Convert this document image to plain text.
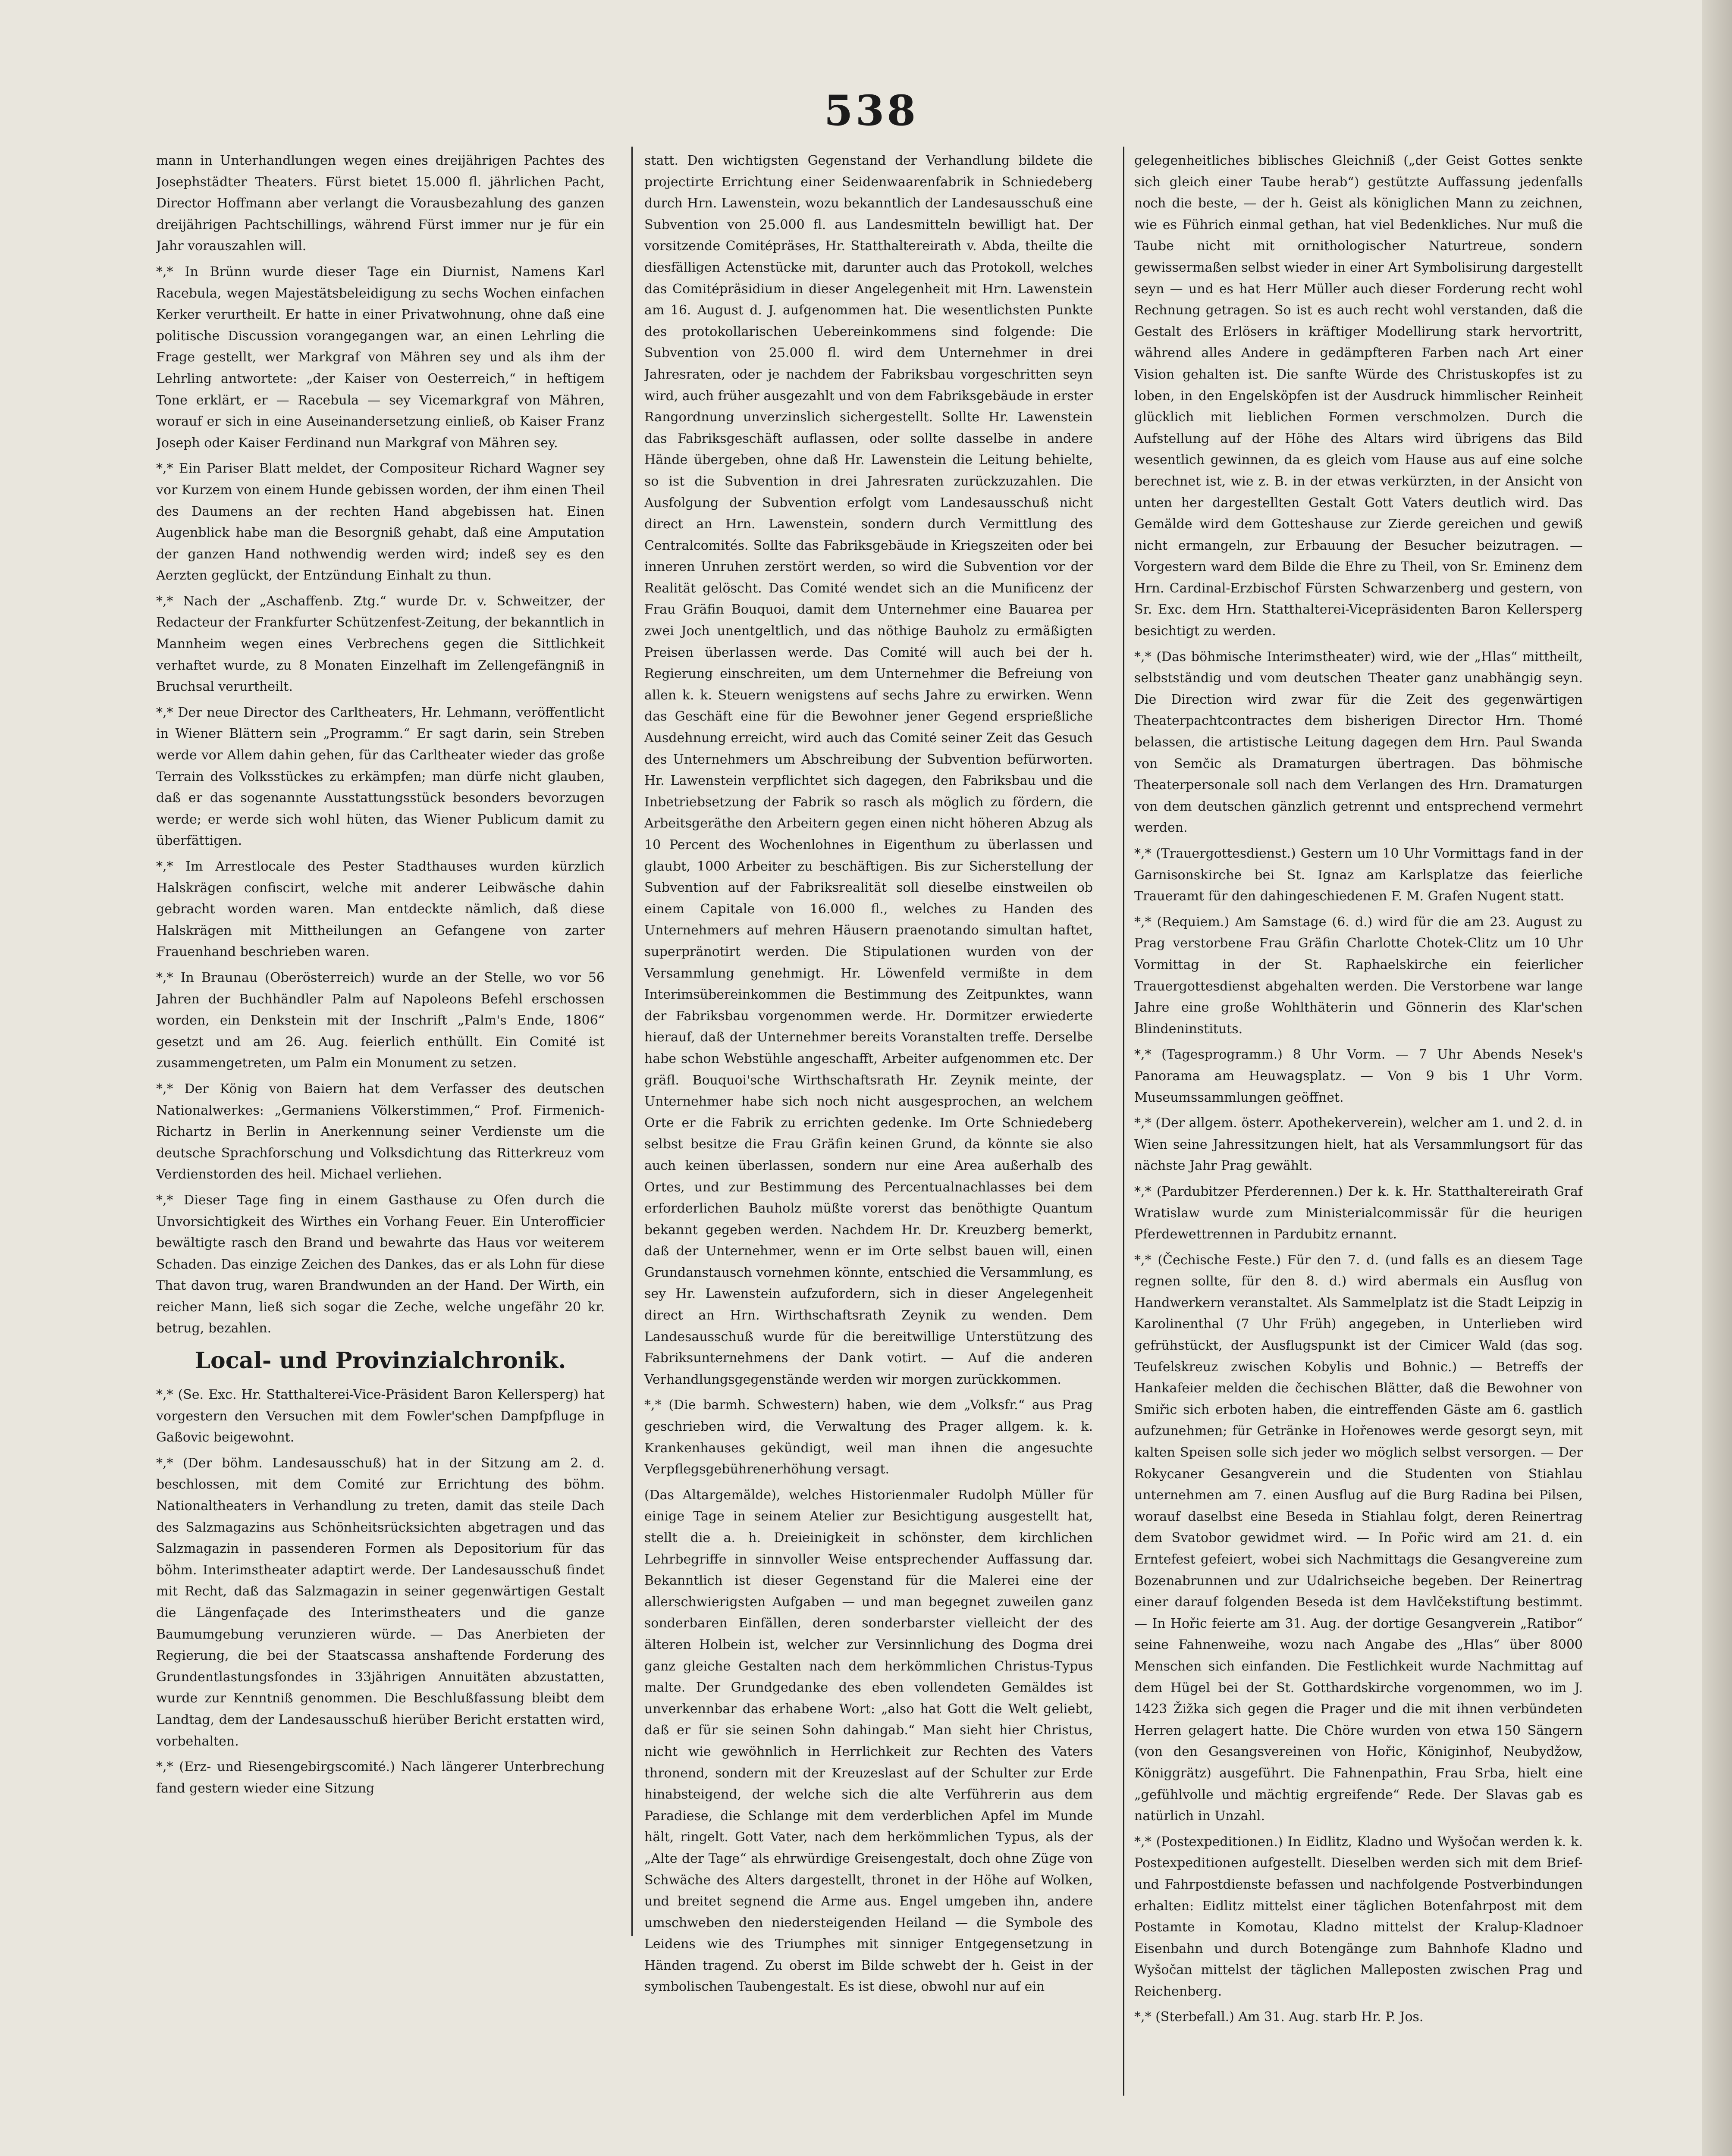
538

mann in Unterhandlungen wegen eines dreijährigen Pachtes des Josephstädter Theaters. Fürst bietet 15.000 fl. jährlichen Pacht, Director Hoffmann aber verlangt die Vorausbezahlung des ganzen dreijährigen Pachtschillings, während Fürst immer nur je für ein Jahr vorauszahlen will.

*,* In Brünn wurde dieser Tage ein Diurnist, Namens Karl Racebula, wegen Majestätsbeleidigung zu sechs Wochen einfachen Kerker verurtheilt. Er hatte in einer Privatwohnung, ohne daß eine politische Discussion vorangegangen war, an einen Lehrling die Frage gestellt, wer Markgraf von Mähren sey und als ihm der Lehrling antwortete: „der Kaiser von Oesterreich,“ in heftigem Tone erklärt, er — Racebula — sey Vicemarkgraf von Mähren, worauf er sich in eine Auseinandersetzung einließ, ob Kaiser Franz Joseph oder Kaiser Ferdinand nun Markgraf von Mähren sey.

*,* Ein Pariser Blatt meldet, der Compositeur Richard Wagner sey vor Kurzem von einem Hunde gebissen worden, der ihm einen Theil des Daumens an der rechten Hand abgebissen hat. Einen Augenblick habe man die Besorgniß gehabt, daß eine Amputation der ganzen Hand nothwendig werden wird; indeß sey es den Aerzten geglückt, der Entzündung Einhalt zu thun.

*,* Nach der „Aschaffenb. Ztg.“ wurde Dr. v. Schweitzer, der Redacteur der Frankfurter Schützenfest-Zeitung, der bekanntlich in Mannheim wegen eines Verbrechens gegen die Sittlichkeit verhaftet wurde, zu 8 Monaten Einzelhaft im Zellengefängniß in Bruchsal verurtheilt.

*,* Der neue Director des Carltheaters, Hr. Lehmann, veröffentlicht in Wiener Blättern sein „Programm.“ Er sagt darin, sein Streben werde vor Allem dahin gehen, für das Carltheater wieder das große Terrain des Volksstückes zu erkämpfen; man dürfe nicht glauben, daß er das sogenannte Ausstattungsstück besonders bevorzugen werde; er werde sich wohl hüten, das Wiener Publicum damit zu überfättigen.

*,* Im Arrestlocale des Pester Stadthauses wurden kürzlich Halskrägen confiscirt, welche mit anderer Leibwäsche dahin gebracht worden waren. Man entdeckte nämlich, daß diese Halskrägen mit Mittheilungen an Gefangene von zarter Frauenhand beschrieben waren.

*,* In Braunau (Oberösterreich) wurde an der Stelle, wo vor 56 Jahren der Buchhändler Palm auf Napoleons Befehl erschossen worden, ein Denkstein mit der Inschrift „Palm's Ende, 1806“ gesetzt und am 26. Aug. feierlich enthüllt. Ein Comité ist zusammengetreten, um Palm ein Monument zu setzen.

*,* Der König von Baiern hat dem Verfasser des deutschen Nationalwerkes: „Germaniens Völkerstimmen,“ Prof. Firmenich-Richartz in Berlin in Anerkennung seiner Verdienste um die deutsche Sprachforschung und Volksdichtung das Ritterkreuz vom Verdienstorden des heil. Michael verliehen.

*,* Dieser Tage fing in einem Gasthause zu Ofen durch die Unvorsichtigkeit des Wirthes ein Vorhang Feuer. Ein Unterofficier bewältigte rasch den Brand und bewahrte das Haus vor weiterem Schaden. Das einzige Zeichen des Dankes, das er als Lohn für diese That davon trug, waren Brandwunden an der Hand. Der Wirth, ein reicher Mann, ließ sich sogar die Zeche, welche ungefähr 20 kr. betrug, bezahlen.

Local- und Provinzialchronik.

*,* (Se. Exc. Hr. Statthalterei-Vice-Präsident Baron Kellersperg) hat vorgestern den Versuchen mit dem Fowler'schen Dampfpfluge in Gaßovic beigewohnt.

*,* (Der böhm. Landesausschuß) hat in der Sitzung am 2. d. beschlossen, mit dem Comité zur Errichtung des böhm. Nationaltheaters in Verhandlung zu treten, damit das steile Dach des Salzmagazins aus Schönheitsrücksichten abgetragen und das Salzmagazin in passenderen Formen als Depositorium für das böhm. Interimstheater adaptirt werde. Der Landesausschuß findet mit Recht, daß das Salzmagazin in seiner gegenwärtigen Gestalt die Längenfaçade des Interimstheaters und die ganze Baumumgebung verunzieren würde. — Das Anerbieten der Regierung, die bei der Staatscassa anshaftende Forderung des Grundentlastungsfondes in 33jährigen Annuitäten abzustatten, wurde zur Kenntniß genommen. Die Beschlußfassung bleibt dem Landtag, dem der Landesausschuß hierüber Bericht erstatten wird, vorbehalten.

*,* (Erz- und Riesengebirgscomité.) Nach längerer Unterbrechung fand gestern wieder eine Sitzung

statt. Den wichtigsten Gegenstand der Verhandlung bildete die projectirte Errichtung einer Seidenwaarenfabrik in Schniedeberg durch Hrn. Lawenstein, wozu bekanntlich der Landesausschuß eine Subvention von 25.000 fl. aus Landesmitteln bewilligt hat. Der vorsitzende Comitépräses, Hr. Statthaltereirath v. Abda, theilte die diesfälligen Actenstücke mit, darunter auch das Protokoll, welches das Comitépräsidium in dieser Angelegenheit mit Hrn. Lawenstein am 16. August d. J. aufgenommen hat. Die wesentlichsten Punkte des protokollarischen Uebereinkommens sind folgende: Die Subvention von 25.000 fl. wird dem Unternehmer in drei Jahresraten, oder je nachdem der Fabriksbau vorgeschritten seyn wird, auch früher ausgezahlt und von dem Fabriksgebäude in erster Rangordnung unverzinslich sichergestellt. Sollte Hr. Lawenstein das Fabriksgeschäft auflassen, oder sollte dasselbe in andere Hände übergeben, ohne daß Hr. Lawenstein die Leitung behielte, so ist die Subvention in drei Jahresraten zurückzuzahlen. Die Ausfolgung der Subvention erfolgt vom Landesausschuß nicht direct an Hrn. Lawenstein, sondern durch Vermittlung des Centralcomités. Sollte das Fabriksgebäude in Kriegszeiten oder bei inneren Unruhen zerstört werden, so wird die Subvention vor der Realität gelöscht. Das Comité wendet sich an die Munificenz der Frau Gräfin Bouquoi, damit dem Unternehmer eine Bauarea per zwei Joch unentgeltlich, und das nöthige Bauholz zu ermäßigten Preisen überlassen werde. Das Comité will auch bei der h. Regierung einschreiten, um dem Unternehmer die Befreiung von allen k. k. Steuern wenigstens auf sechs Jahre zu erwirken. Wenn das Geschäft eine für die Bewohner jener Gegend ersprießliche Ausdehnung erreicht, wird auch das Comité seiner Zeit das Gesuch des Unternehmers um Abschreibung der Subvention befürworten. Hr. Lawenstein verpflichtet sich dagegen, den Fabriksbau und die Inbetriebsetzung der Fabrik so rasch als möglich zu fördern, die Arbeitsgeräthe den Arbeitern gegen einen nicht höheren Abzug als 10 Percent des Wochenlohnes in Eigenthum zu überlassen und glaubt, 1000 Arbeiter zu beschäftigen. Bis zur Sicherstellung der Subvention auf der Fabriksrealität soll dieselbe einstweilen ob einem Capitale von 16.000 fl., welches zu Handen des Unternehmers auf mehren Häusern praenotando simultan haftet, superpränotirt werden. Die Stipulationen wurden von der Versammlung genehmigt. Hr. Löwenfeld vermißte in dem Interimsübereinkommen die Bestimmung des Zeitpunktes, wann der Fabriksbau vorgenommen werde. Hr. Dormitzer erwiederte hierauf, daß der Unternehmer bereits Voranstalten treffe. Derselbe habe schon Webstühle angeschafft, Arbeiter aufgenommen etc. Der gräfl. Bouquoi'sche Wirthschaftsrath Hr. Zeynik meinte, der Unternehmer habe sich noch nicht ausgesprochen, an welchem Orte er die Fabrik zu errichten gedenke. Im Orte Schniedeberg selbst besitze die Frau Gräfin keinen Grund, da könnte sie also auch keinen überlassen, sondern nur eine Area außerhalb des Ortes, und zur Bestimmung des Percentualnachlasses bei dem erforderlichen Bauholz müßte vorerst das benöthigte Quantum bekannt gegeben werden. Nachdem Hr. Dr. Kreuzberg bemerkt, daß der Unternehmer, wenn er im Orte selbst bauen will, einen Grundanstausch vornehmen könnte, entschied die Versammlung, es sey Hr. Lawenstein aufzufordern, sich in dieser Angelegenheit direct an Hrn. Wirthschaftsrath Zeynik zu wenden. Dem Landesausschuß wurde für die bereitwillige Unterstützung des Fabriksunternehmens der Dank votirt. — Auf die anderen Verhandlungsgegenstände werden wir morgen zurückkommen.

*,* (Die barmh. Schwestern) haben, wie dem „Volksfr.“ aus Prag geschrieben wird, die Verwaltung des Prager allgem. k. k. Krankenhauses gekündigt, weil man ihnen die angesuchte Verpflegsgebührenerhöhung versagt.

(Das Altargemälde), welches Historienmaler Rudolph Müller für einige Tage in seinem Atelier zur Besichtigung ausgestellt hat, stellt die a. h. Dreieinigkeit in schönster, dem kirchlichen Lehrbegriffe in sinnvoller Weise entsprechender Auffassung dar. Bekanntlich ist dieser Gegenstand für die Malerei eine der allerschwierigsten Aufgaben — und man begegnet zuweilen ganz sonderbaren Einfällen, deren sonderbarster vielleicht der des älteren Holbein ist, welcher zur Versinnlichung des Dogma drei ganz gleiche Gestalten nach dem herkömmlichen Christus-Typus malte. Der Grundgedanke des eben vollendeten Gemäldes ist unverkennbar das erhabene Wort: „also hat Gott die Welt geliebt, daß er für sie seinen Sohn dahingab.“ Man sieht hier Christus, nicht wie gewöhnlich in Herrlichkeit zur Rechten des Vaters thronend, sondern mit der Kreuzeslast auf der Schulter zur Erde hinabsteigend, der welche sich die alte Verführerin aus dem Paradiese, die Schlange mit dem verderblichen Apfel im Munde hält, ringelt. Gott Vater, nach dem herkömmlichen Typus, als der „Alte der Tage“ als ehrwürdige Greisengestalt, doch ohne Züge von Schwäche des Alters dargestellt, thronet in der Höhe auf Wolken, und breitet segnend die Arme aus. Engel umgeben ihn, andere umschweben den niedersteigenden Heiland — die Symbole des Leidens wie des Triumphes mit sinniger Entgegensetzung in Händen tragend. Zu oberst im Bilde schwebt der h. Geist in der symbolischen Taubengestalt. Es ist diese, obwohl nur auf ein

gelegenheitliches biblisches Gleichniß („der Geist Gottes senkte sich gleich einer Taube herab“) gestützte Auffassung jedenfalls noch die beste, — der h. Geist als königlichen Mann zu zeichnen, wie es Führich einmal gethan, hat viel Bedenkliches. Nur muß die Taube nicht mit ornithologischer Naturtreue, sondern gewissermaßen selbst wieder in einer Art Symbolisirung dargestellt seyn — und es hat Herr Müller auch dieser Forderung recht wohl Rechnung getragen. So ist es auch recht wohl verstanden, daß die Gestalt des Erlösers in kräftiger Modellirung stark hervortritt, während alles Andere in gedämpfteren Farben nach Art einer Vision gehalten ist. Die sanfte Würde des Christuskopfes ist zu loben, in den Engelsköpfen ist der Ausdruck himmlischer Reinheit glücklich mit lieblichen Formen verschmolzen. Durch die Aufstellung auf der Höhe des Altars wird übrigens das Bild wesentlich gewinnen, da es gleich vom Hause aus auf eine solche berechnet ist, wie z. B. in der etwas verkürzten, in der Ansicht von unten her dargestellten Gestalt Gott Vaters deutlich wird. Das Gemälde wird dem Gotteshause zur Zierde gereichen und gewiß nicht ermangeln, zur Erbauung der Besucher beizutragen. — Vorgestern ward dem Bilde die Ehre zu Theil, von Sr. Eminenz dem Hrn. Cardinal-Erzbischof Fürsten Schwarzenberg und gestern, von Sr. Exc. dem Hrn. Statthalterei-Vicepräsidenten Baron Kellersperg besichtigt zu werden.

*,* (Das böhmische Interimstheater) wird, wie der „Hlas“ mittheilt, selbstständig und vom deutschen Theater ganz unabhängig seyn. Die Direction wird zwar für die Zeit des gegenwärtigen Theaterpachtcontractes dem bisherigen Director Hrn. Thomé belassen, die artistische Leitung dagegen dem Hrn. Paul Swanda von Semčic als Dramaturgen übertragen. Das böhmische Theaterpersonale soll nach dem Verlangen des Hrn. Dramaturgen von dem deutschen gänzlich getrennt und entsprechend vermehrt werden.

*,* (Trauergottesdienst.) Gestern um 10 Uhr Vormittags fand in der Garnisonskirche bei St. Ignaz am Karlsplatze das feierliche Traueramt für den dahingeschiedenen F. M. Grafen Nugent statt.

*,* (Requiem.) Am Samstage (6. d.) wird für die am 23. August zu Prag verstorbene Frau Gräfin Charlotte Chotek-Clitz um 10 Uhr Vormittag in der St. Raphaelskirche ein feierlicher Trauergottesdienst abgehalten werden. Die Verstorbene war lange Jahre eine große Wohlthäterin und Gönnerin des Klar'schen Blindeninstituts.

*,* (Tagesprogramm.) 8 Uhr Vorm. — 7 Uhr Abends Nesek's Panorama am Heuwagsplatz. — Von 9 bis 1 Uhr Vorm. Museumssammlungen geöffnet.

*,* (Der allgem. österr. Apothekerverein), welcher am 1. und 2. d. in Wien seine Jahressitzungen hielt, hat als Versammlungsort für das nächste Jahr Prag gewählt.

*,* (Pardubitzer Pferderennen.) Der k. k. Hr. Statthaltereirath Graf Wratislaw wurde zum Ministerialcommissär für die heurigen Pferdewettrennen in Pardubitz ernannt.

*,* (Čechische Feste.) Für den 7. d. (und falls es an diesem Tage regnen sollte, für den 8. d.) wird abermals ein Ausflug von Handwerkern veranstaltet. Als Sammelplatz ist die Stadt Leipzig in Karolinenthal (7 Uhr Früh) angegeben, in Unterlieben wird gefrühstückt, der Ausflugspunkt ist der Cimicer Wald (das sog. Teufelskreuz zwischen Kobylis und Bohnic.) — Betreffs der Hankafeier melden die čechischen Blätter, daß die Bewohner von Smiřic sich erboten haben, die eintreffenden Gäste am 6. gastlich aufzunehmen; für Getränke in Hořenowes werde gesorgt seyn, mit kalten Speisen solle sich jeder wo möglich selbst versorgen. — Der Rokycaner Gesangverein und die Studenten von Stiahlau unternehmen am 7. einen Ausflug auf die Burg Radina bei Pilsen, worauf daselbst eine Beseda in Stiahlau folgt, deren Reinertrag dem Svatobor gewidmet wird. — In Pořic wird am 21. d. ein Erntefest gefeiert, wobei sich Nachmittags die Gesangvereine zum Bozenabrunnen und zur Udalrichseiche begeben. Der Reinertrag einer darauf folgenden Beseda ist dem Havlčekstiftung bestimmt. — In Hořic feierte am 31. Aug. der dortige Gesangverein „Ratibor“ seine Fahnenweihe, wozu nach Angabe des „Hlas“ über 8000 Menschen sich einfanden. Die Festlichkeit wurde Nachmittag auf dem Hügel bei der St. Gotthardskirche vorgenommen, wo im J. 1423 Žižka sich gegen die Prager und die mit ihnen verbündeten Herren gelagert hatte. Die Chöre wurden von etwa 150 Sängern (von den Gesangsvereinen von Hořic, Königinhof, Neubydžow, Königgrätz) ausgeführt. Die Fahnenpathin, Frau Srba, hielt eine „gefühlvolle und mächtig ergreifende“ Rede. Der Slavas gab es natürlich in Unzahl.

*,* (Postexpeditionen.) In Eidlitz, Kladno und Wyšočan werden k. k. Postexpeditionen aufgestellt. Dieselben werden sich mit dem Brief- und Fahrpostdienste befassen und nachfolgende Postverbindungen erhalten: Eidlitz mittelst einer täglichen Botenfahrpost mit dem Postamte in Komotau, Kladno mittelst der Kralup-Kladnoer Eisenbahn und durch Botengänge zum Bahnhofe Kladno und Wyšočan mittelst der täglichen Malleposten zwischen Prag und Reichenberg.

*,* (Sterbefall.) Am 31. Aug. starb Hr. P. Jos.
